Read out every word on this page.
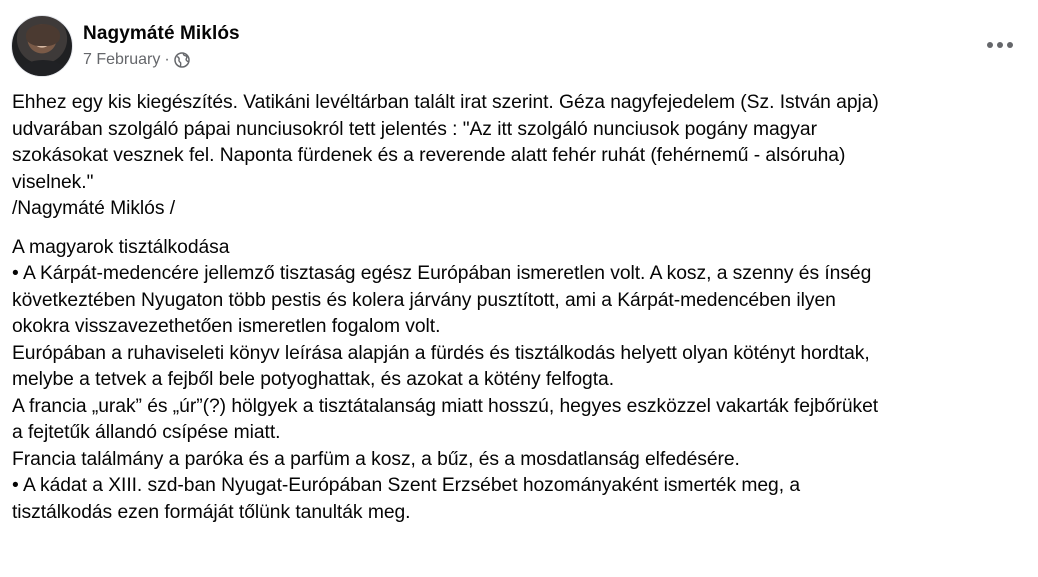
Nagymáté Miklós
7 February ·
Ehhez egy kis kiegészítés. Vatikáni levéltárban talált irat szerint. Géza nagyfejedelem (Sz. István apja)
udvarában szolgáló pápai nunciusokról tett jelentés : "Az itt szolgáló nunciusok pogány magyar
szokásokat vesznek fel. Naponta fürdenek és a reverende alatt fehér ruhát (fehérnemű - alsóruha)
viselnek."
/Nagymáté Miklós /
A magyarok tisztálkodása
• A Kárpát-medencére jellemző tisztaság egész Európában ismeretlen volt. A kosz, a szenny és ínség
következtében Nyugaton több pestis és kolera járvány pusztított, ami a Kárpát-medencében ilyen
okokra visszavezethetően ismeretlen fogalom volt.
Európában a ruhaviseleti könyv leírása alapján a fürdés és tisztálkodás helyett olyan kötényt hordtak,
melybe a tetvek a fejből bele potyoghattak, és azokat a kötény felfogta.
A francia „urak” és „úr”(?) hölgyek a tisztátalanság miatt hosszú, hegyes eszközzel vakarták fejbőrüket
a fejtetűk állandó csípése miatt.
Francia találmány a paróka és a parfüm a kosz, a bűz, és a mosdatlanság elfedésére.
• A kádat a XIII. szd-ban Nyugat-Európában Szent Erzsébet hozományaként ismerték meg, a
tisztálkodás ezen formáját tőlünk tanulták meg.
